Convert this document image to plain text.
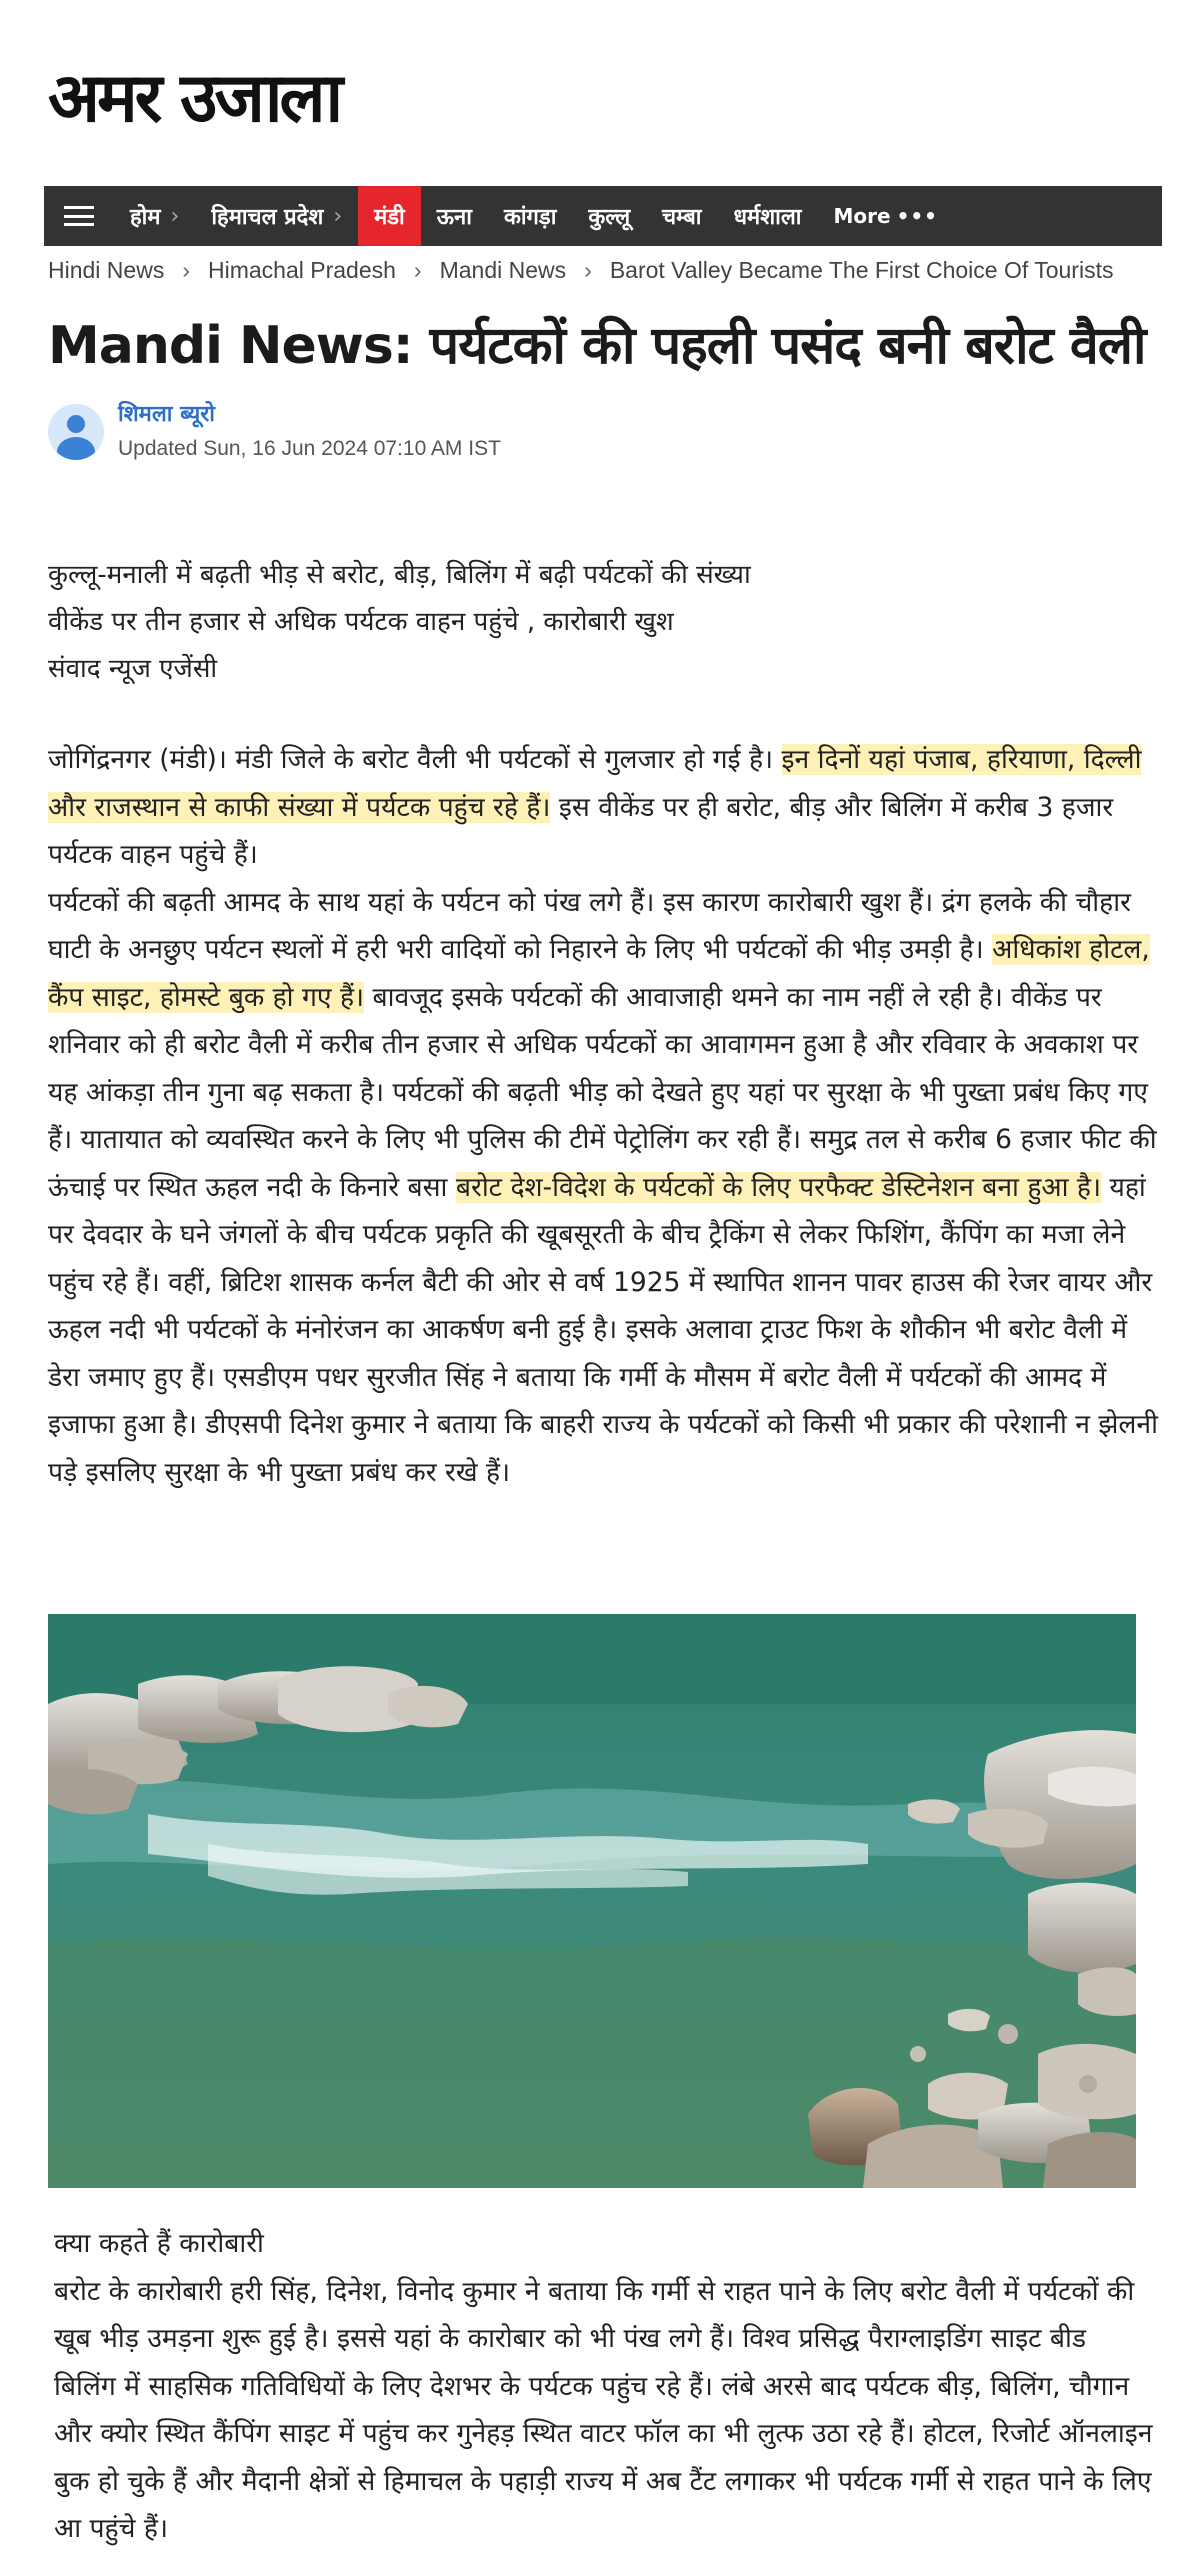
अमर उजाला
होम › हिमाचल प्रदेश ›	मंडी	ऊना	कांगड़ा	कुल्लू	चम्बा	धर्मशाला	More •••
Hindi News › Himachal Pradesh › Mandi News › Barot Valley Became The First Choice Of Tourists
Mandi News: पर्यटकों की पहली पसंद बनी बरोट वैली
शिमला ब्यूरो
Updated Sun, 16 Jun 2024 07:10 AM IST
कुल्लू-मनाली में बढ़ती भीड़ से बरोट, बीड़, बिलिंग में बढ़ी पर्यटकों की संख्या
वीकेंड पर तीन हजार से अधिक पर्यटक वाहन पहुंचे , कारोबारी खुश
संवाद न्यूज एजेंसी

जोगिंद्रनगर (मंडी)। मंडी जिले के बरोट वैली भी पर्यटकों से गुलजार हो गई है। इन दिनों यहां पंजाब, हरियाणा, दिल्ली और राजस्थान से काफी संख्या में पर्यटक पहुंच रहे हैं। इस वीकेंड पर ही बरोट, बीड़ और बिलिंग में करीब 3 हजार पर्यटक वाहन पहुंचे हैं।

पर्यटकों की बढ़ती आमद के साथ यहां के पर्यटन को पंख लगे हैं। इस कारण कारोबारी खुश हैं। द्रंग हलके की चौहार घाटी के अनछुए पर्यटन स्थलों में हरी भरी वादियों को निहारने के लिए भी पर्यटकों की भीड़ उमड़ी है। अधिकांश होटल, कैंप साइट, होमस्टे बुक हो गए हैं। बावजूद इसके पर्यटकों की आवाजाही थमने का नाम नहीं ले रही है। वीकेंड पर शनिवार को ही बरोट वैली में करीब तीन हजार से अधिक पर्यटकों का आवागमन हुआ है और रविवार के अवकाश पर यह आंकड़ा तीन गुना बढ़ सकता है। पर्यटकों की बढ़ती भीड़ को देखते हुए यहां पर सुरक्षा के भी पुख्ता प्रबंध किए गए हैं। यातायात को व्यवस्थित करने के लिए भी पुलिस की टीमें पेट्रोलिंग कर रही हैं। समुद्र तल से करीब 6 हजार फीट की ऊंचाई पर स्थित ऊहल नदी के किनारे बसा बरोट देश-विदेश के पर्यटकों के लिए परफैक्ट डेस्टिनेशन बना हुआ है। यहां पर देवदार के घने जंगलों के बीच पर्यटक प्रकृति की खूबसूरती के बीच ट्रैकिंग से लेकर फिशिंग, कैंपिंग का मजा लेने पहुंच रहे हैं। वहीं, ब्रिटिश शासक कर्नल बैटी की ओर से वर्ष 1925 में स्थापित शानन पावर हाउस की रेजर वायर और ऊहल नदी भी पर्यटकों के मंनोरंजन का आकर्षण बनी हुई है। इसके अलावा ट्राउट फिश के शौकीन भी बरोट वैली में डेरा जमाए हुए हैं। एसडीएम पधर सुरजीत सिंह ने बताया कि गर्मी के मौसम में बरोट वैली में पर्यटकों की आमद में इजाफा हुआ है। डीएसपी दिनेश कुमार ने बताया कि बाहरी राज्य के पर्यटकों को किसी भी प्रकार की परेशानी न झेलनी पड़े इसलिए सुरक्षा के भी पुख्ता प्रबंध कर रखे हैं।

क्या कहते हैं कारोबारी

बरोट के कारोबारी हरी सिंह, दिनेश, विनोद कुमार ने बताया कि गर्मी से राहत पाने के लिए बरोट वैली में पर्यटकों की खूब भीड़ उमड़ना शुरू हुई है। इससे यहां के कारोबार को भी पंख लगे हैं। विश्व प्रसिद्ध पैराग्लाइडिंग साइट बीड बिलिंग में साहसिक गतिविधियों के लिए देशभर के पर्यटक पहुंच रहे हैं। लंबे अरसे बाद पर्यटक बीड़, बिलिंग, चौगान और क्योर स्थित कैंपिंग साइट में पहुंच कर गुनेहड़ स्थित वाटर फॉल का भी लुत्फ उठा रहे हैं। होटल, रिजोर्ट ऑनलाइन बुक हो चुके हैं और मैदानी क्षेत्रों से हिमाचल के पहाड़ी राज्य में अब टैंट लगाकर भी पर्यटक गर्मी से राहत पाने के लिए आ पहुंचे हैं।
